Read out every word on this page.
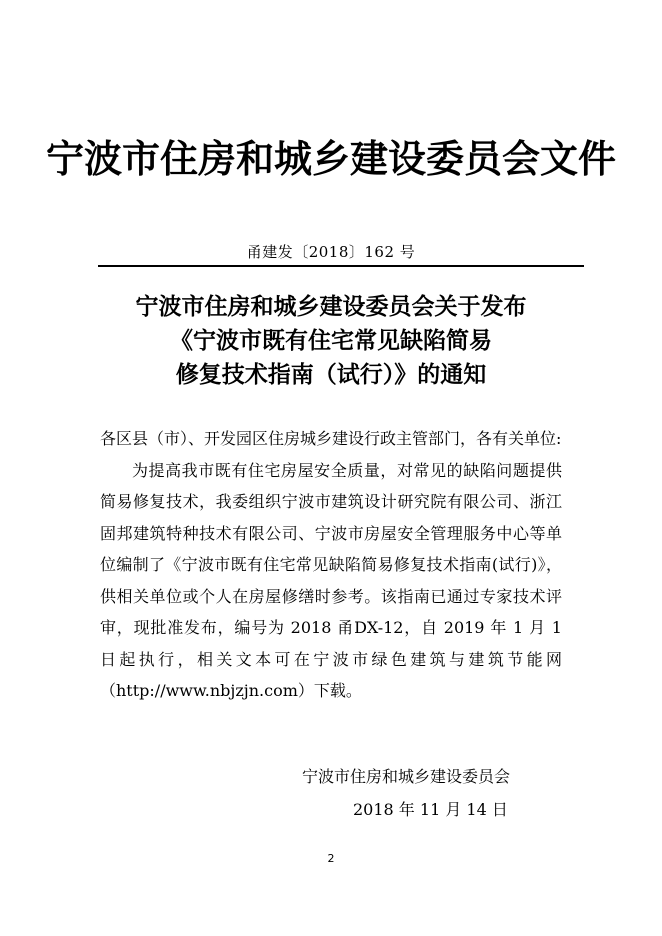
宁波市住房和城乡建设委员会文件
甬建发〔2018〕162 号
宁波市住房和城乡建设委员会关于发布
《宁波市既有住宅常见缺陷简易
修复技术指南（试行）》的通知

各区县（市）、开发园区住房城乡建设行政主管部门，各有关单位:

为提高我市既有住宅房屋安全质量，对常见的缺陷问题提供简易修复技术，我委组织宁波市建筑设计研究院有限公司、浙江固邦建筑特种技术有限公司、宁波市房屋安全管理服务中心等单位编制了《宁波市既有住宅常见缺陷简易修复技术指南(试行)》，供相关单位或个人在房屋修缮时参考。该指南已通过专家技术评审，现批准发布，编号为 2018 甬DX-12，自 2019 年 1 月 1 日起执行，相关文本可在宁波市绿色建筑与建筑节能网（http://www.nbjzjn.com）下载。

宁波市住房和城乡建设委员会
2018 年 11 月 14 日
2
